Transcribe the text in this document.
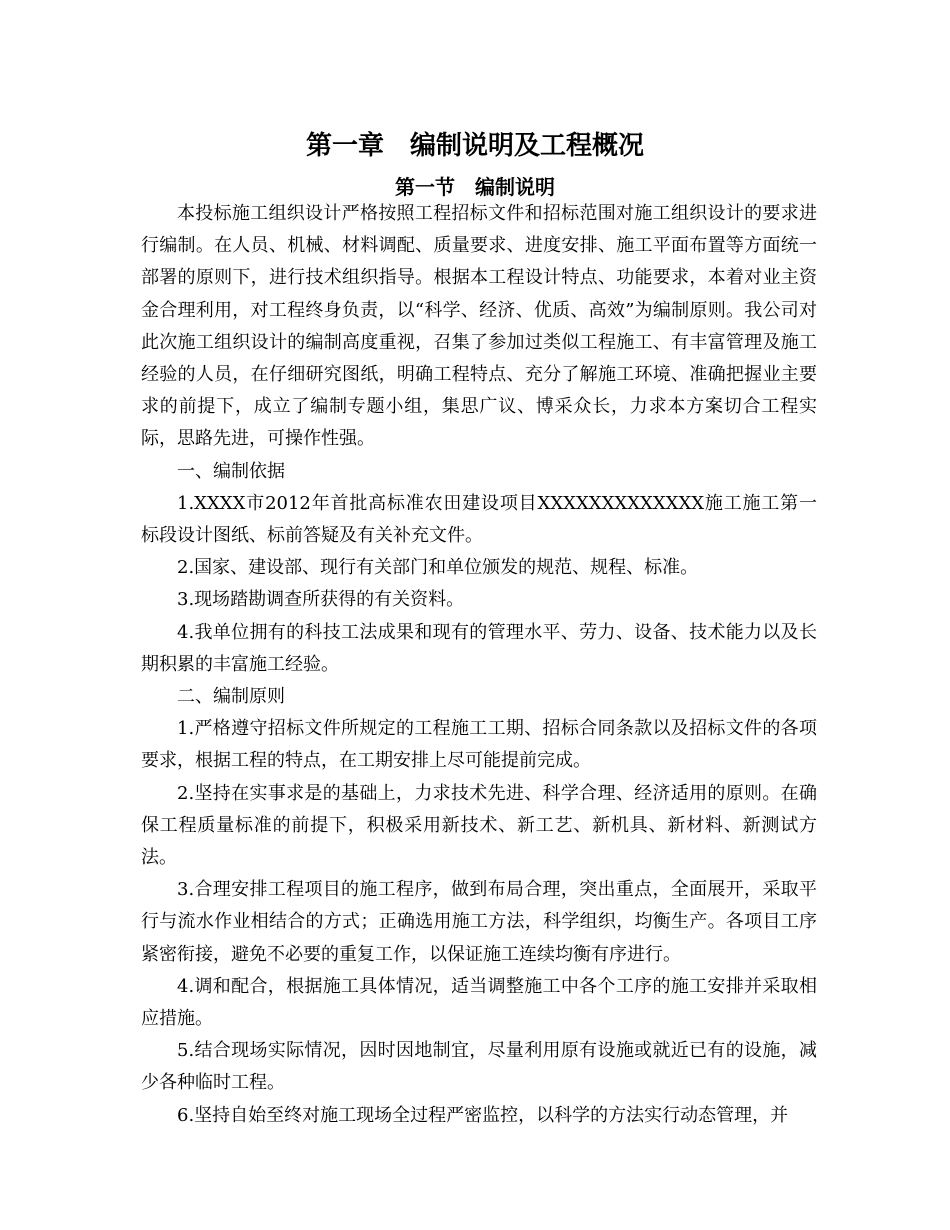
第一章　编制说明及工程概况
第一节　编制说明

本投标施工组织设计严格按照工程招标文件和招标范围对施工组织设计的要求进行编制。在人员、机械、材料调配、质量要求、进度安排、施工平面布置等方面统一部署的原则下，进行技术组织指导。根据本工程设计特点、功能要求，本着对业主资金合理利用，对工程终身负责，以“科学、经济、优质、高效”为编制原则。我公司对此次施工组织设计的编制高度重视，召集了参加过类似工程施工、有丰富管理及施工经验的人员，在仔细研究图纸，明确工程特点、充分了解施工环境、准确把握业主要求的前提下，成立了编制专题小组，集思广议、博采众长，力求本方案切合工程实际，思路先进，可操作性强。

一、编制依据

1.XXXX市2012年首批高标准农田建设项目XXXXXXXXXXXXX施工施工第一标段设计图纸、标前答疑及有关补充文件。

2.国家、建设部、现行有关部门和单位颁发的规范、规程、标准。

3.现场踏勘调查所获得的有关资料。

4.我单位拥有的科技工法成果和现有的管理水平、劳力、设备、技术能力以及长期积累的丰富施工经验。

二、编制原则

1.严格遵守招标文件所规定的工程施工工期、招标合同条款以及招标文件的各项要求，根据工程的特点，在工期安排上尽可能提前完成。

2.坚持在实事求是的基础上，力求技术先进、科学合理、经济适用的原则。在确保工程质量标准的前提下，积极采用新技术、新工艺、新机具、新材料、新测试方法。

3.合理安排工程项目的施工程序，做到布局合理，突出重点，全面展开，采取平行与流水作业相结合的方式；正确选用施工方法，科学组织，均衡生产。各项目工序紧密衔接，避免不必要的重复工作，以保证施工连续均衡有序进行。

4.调和配合，根据施工具体情况，适当调整施工中各个工序的施工安排并采取相应措施。

5.结合现场实际情况，因时因地制宜，尽量利用原有设施或就近已有的设施，减少各种临时工程。

6.坚持自始至终对施工现场全过程严密监控，以科学的方法实行动态管理，并
